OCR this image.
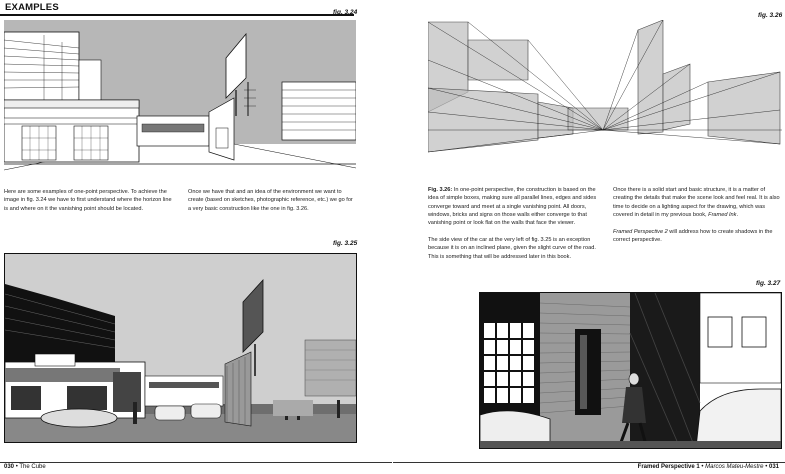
EXAMPLES	fig. 3.24
Here are some examples of one-point perspective. To achieve the image in fig. 3.24 we have to first understand where the horizon line is and where on it the vanishing point should be located.
Once we have that and an idea of the environment we want to create (based on sketches, photographic reference, etc.) we go for a very basic construction like the one in fig. 3.26.
fig. 3.25
030 • The Cube
fig. 3.26
Fig. 3.26: In one-point perspective, the construction is based on the idea of simple boxes, making sure all parallel lines, edges and sides converge toward and meet at a single vanishing point. All doors, windows, bricks and signs on those walls either converge to that vanishing point or look flat on the walls that face the viewer.
The side view of the car at the very left of fig. 3.25 is an exception because it is on an inclined plane, given the slight curve of the road. This is something that will be addressed later in this book.
Once there is a solid start and basic structure, it is a matter of creating the details that make the scene look and feel real. It is also time to decide on a lighting aspect for the drawing, which was covered in detail in my previous book, Framed Ink.
Framed Perspective 2 will address how to create shadows in the correct perspective.
fig. 3.27
Framed Perspective 1 • Marcos Mateu-Mestre • 031
